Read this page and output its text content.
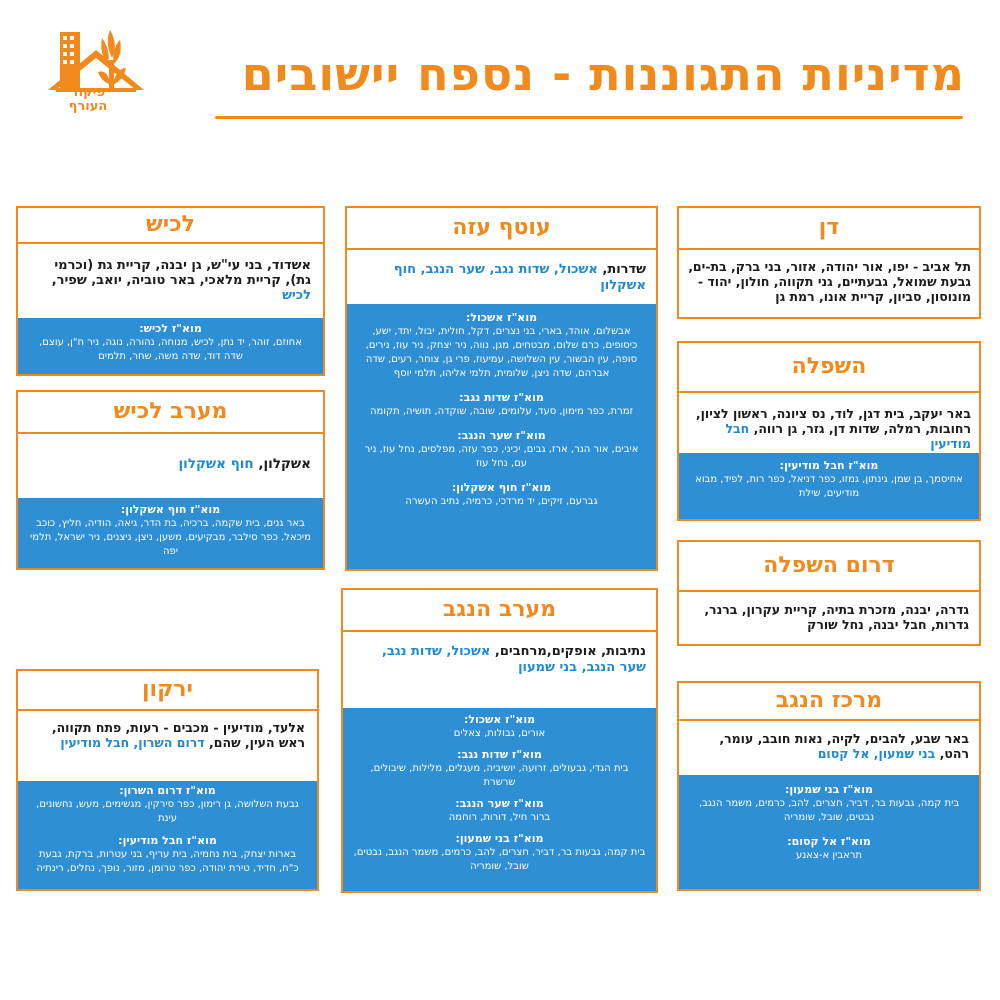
פיקוד
העורף
מדיניות התגוננות - נספח יישובים
דן
תל אביב - יפו, אור יהודה, אזור, בני ברק, בת-ים, גבעת שמואל, גבעתיים, גני תקווה, חולון, יהוד - מונוסון, סביון, קריית אונו, רמת גן
השפלה
באר יעקב, בית דגן, לוד, נס ציונה, ראשון לציון, רחובות, רמלה, שדות דן, גזר, גן רווה, חבל מודיעין
מוא"ז חבל מודיעין:
אחיסמך, בן שמן, גינתון, גמזו, כפר דניאל, כפר רות, לפיד, מבוא מודיעים, שילת
דרום השפלה
גדרה, יבנה, מזכרת בתיה, קריית עקרון, ברנר, גדרות, חבל יבנה, נחל שורק
מרכז הנגב
באר שבע, להבים, לקיה, נאות חובב, עומר, רהט, בני שמעון, אל קסום
מוא"ז בני שמעון:
בית קמה, גבעות בר, דביר, חצרים, להב, כרמים, משמר הנגב, נבטים, שובל, שומריה
מוא"ז אל קסום:
תראבין א-צאנע
עוטף עזה
שדרות, אשכול, שדות נגב, שער הנגב, חוף אשקלון
מוא"ז אשכול:
אבשלום, אוהד, בארי, בני נצרים, דקל, חולית, יבול, יתד, ישע, כיסופים, כרם שלום, מבטחים, מגן, נווה, ניר יצחק, ניר עוז, נירים, סופה, עין הבשור, עין השלושה, עמיעוז, פרי גן, צוחר, רעים, שדה אברהם, שדה ניצן, שלומית, תלמי אליהו, תלמי יוסף
מוא"ז שדות נגב:
זמרת, כפר מימון, סעד, עלומים, שובה, שוקדה, תושיה, תקומה
מוא"ז שער הנגב:
איבים, אור הנר, ארז, גבים, יכיני, כפר עזה, מפלסים, נחל עוז, ניר עם, נחל עוז
מוא"ז חוף אשקלון:
גברעם, זיקים, יד מרדכי, כרמיה, נתיב העשרה
מערב הנגב
נתיבות, אופקים,מרחבים, אשכול, שדות נגב, שער הנגב, בני שמעון
מוא"ז אשכול:
אורים, גבולות, צאלים
מוא"ז שדות נגב:
בית הגדי, גבעולים, זרועה, יושיביה, מעגלים, מלילות, שיבולים, שרשרת
מוא"ז שער הנגב:
ברור חיל, דורות, רוחמה
מוא"ז בני שמעון:
בית קמה, גבעות בר, דביר, חצרים, להב, כרמים, משמר הנגב, נבטים, שובל, שומריה
לכיש
אשדוד, בני עי"ש, גן יבנה, קריית גת (וכרמי גת), קריית מלאכי, באר טוביה, יואב, שפיר, לכיש
מוא"ז לכיש:
אחוזם, זוהר, יד נתן, לכיש, מנוחה, נהורה, נוגה, ניר ח"ן, עוצם, שדה דוד, שדה משה, שחר, תלמים
מערב לכיש
אשקלון, חוף אשקלון
מוא"ז חוף אשקלון:
באר גנים, בית שקמה, ברכיה, בת הדר, גיאה, הודיה, חליץ, כוכב מיכאל, כפר סילבר, מבקיעים, משען, ניצן, ניצנים, ניר ישראל, תלמי יפה
ירקון
אלעד, מודיעין - מכבים - רעות, פתח תקווה, ראש העין, שהם, דרום השרון, חבל מודיעין
מוא"ז דרום השרון:
גבעת השלושה, גן רימון, כפר סירקין, מגשימים, מעש, נחשונים, עינת
מוא"ז חבל מודיעין:
בארות יצחק, בית נחמיה, בית עריף, בני עטרות, ברקת, גבעת כ"ח, חדיד, טירת יהודה, כפר טרומן, מזור, נופך, נחלים, רינתיה
